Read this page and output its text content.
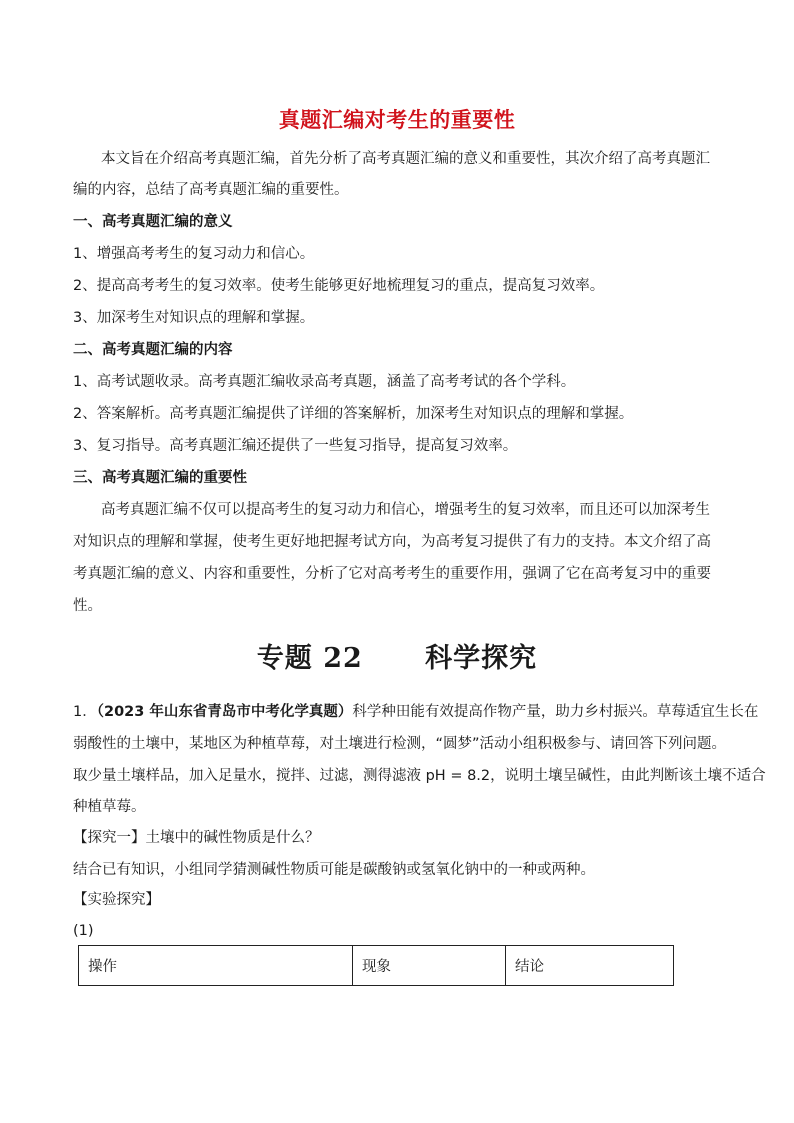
真题汇编对考生的重要性
本文旨在介绍高考真题汇编，首先分析了高考真题汇编的意义和重要性，其次介绍了高考真题汇
编的内容，总结了高考真题汇编的重要性。
一、高考真题汇编的意义
1、增强高考考生的复习动力和信心。
2、提高高考考生的复习效率。使考生能够更好地梳理复习的重点，提高复习效率。
3、加深考生对知识点的理解和掌握。
二、高考真题汇编的内容
1、高考试题收录。高考真题汇编收录高考真题，涵盖了高考考试的各个学科。
2、答案解析。高考真题汇编提供了详细的答案解析，加深考生对知识点的理解和掌握。
3、复习指导。高考真题汇编还提供了一些复习指导，提高复习效率。
三、高考真题汇编的重要性
高考真题汇编不仅可以提高考生的复习动力和信心，增强考生的复习效率，而且还可以加深考生
对知识点的理解和掌握，使考生更好地把握考试方向，为高考复习提供了有力的支持。本文介绍了高
考真题汇编的意义、内容和重要性，分析了它对高考考生的重要作用，强调了它在高考复习中的重要
性。
专题 22      科学探究
1．（2023 年山东省青岛市中考化学真题）科学种田能有效提高作物产量，助力乡村振兴。草莓适宜生长在
弱酸性的土壤中，某地区为种植草莓，对土壤进行检测，“圆梦”活动小组积极参与、请回答下列问题。
取少量土壤样品，加入足量水，搅拌、过滤，测得滤液 pH = 8.2，说明土壤呈碱性，由此判断该土壤不适合
种植草莓。
【探究一】土壤中的碱性物质是什么？
结合已有知识，小组同学猜测碱性物质可能是碳酸钠或氢氧化钠中的一种或两种。
【实验探究】
(1)
操作	现象	结论
